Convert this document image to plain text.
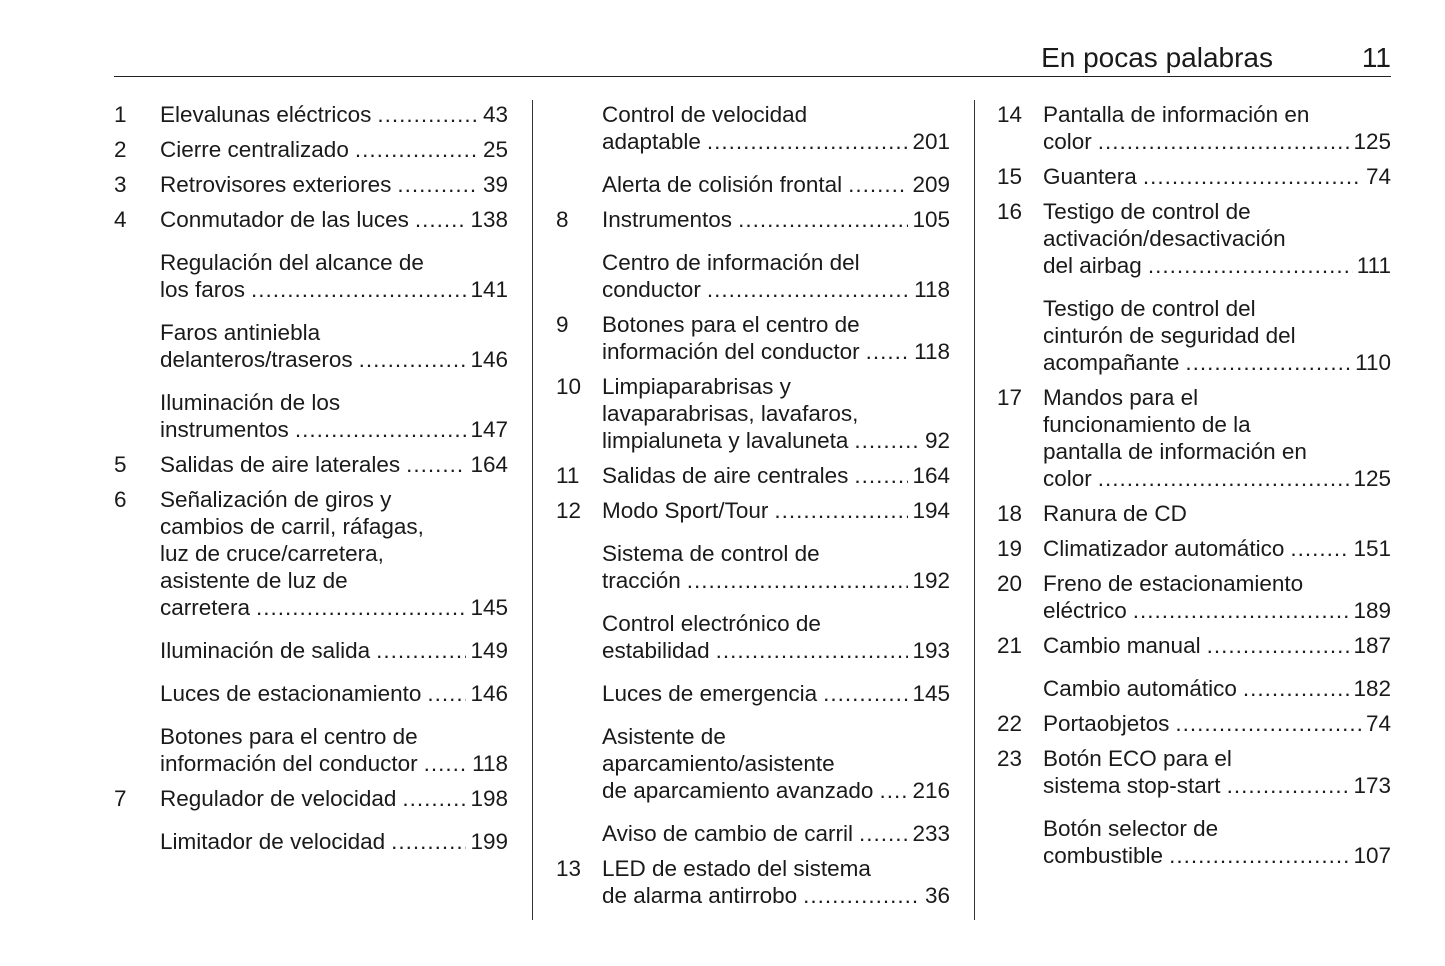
En pocas palabras	11
1 Elevalunas eléctricos .....	43
2 Cierre centralizado .....	25
3 Retrovisores exteriores .....	39
4 Conmutador de las luces .....	138
Regulación del alcance de
los faros .....	141
Faros antiniebla
delanteros/traseros .....	146
Iluminación de los
instrumentos .....	147
5 Salidas de aire laterales .....	164
6 Señalización de giros y
cambios de carril, ráfagas,
luz de cruce/carretera,
asistente de luz de
carretera .....	145
Iluminación de salida .....	149
Luces de estacionamiento ..... 146
Botones para el centro de
información del conductor ..... 118
7 Regulador de velocidad .....	198
Limitador de velocidad .....	199
Control de velocidad
adaptable .....	201
Alerta de colisión frontal .....	209
8 Instrumentos .....	105
Centro de información del
conductor .....	118
9 Botones para el centro de
información del conductor ..... 118
10 Limpiaparabrisas y
lavaparabrisas, lavafaros,
limpialuneta y lavaluneta .....	92
11 Salidas de aire centrales .....	164
12 Modo Sport/Tour .....	194
Sistema de control de
tracción .....	192
Control electrónico de
estabilidad .....	193
Luces de emergencia .....	145
Asistente de
aparcamiento/asistente
de aparcamiento avanzado ..... 216
Aviso de cambio de carril .....	233
13 LED de estado del sistema
de alarma antirrobo .....	36
14 Pantalla de información en
color .....	125
15 Guantera .....	74
16 Testigo de control de
activación/desactivación
del airbag .....	111
Testigo de control del
cinturón de seguridad del
acompañante .....	110
17 Mandos para el
funcionamiento de la
pantalla de información en
color .....	125
18 Ranura de CD
19 Climatizador automático .....	151
20 Freno de estacionamiento
eléctrico .....	189
21 Cambio manual .....	187
Cambio automático .....	182
22 Portaobjetos .....	74
23 Botón ECO para el
sistema stop-start .....	173
Botón selector de
combustible .....	107
